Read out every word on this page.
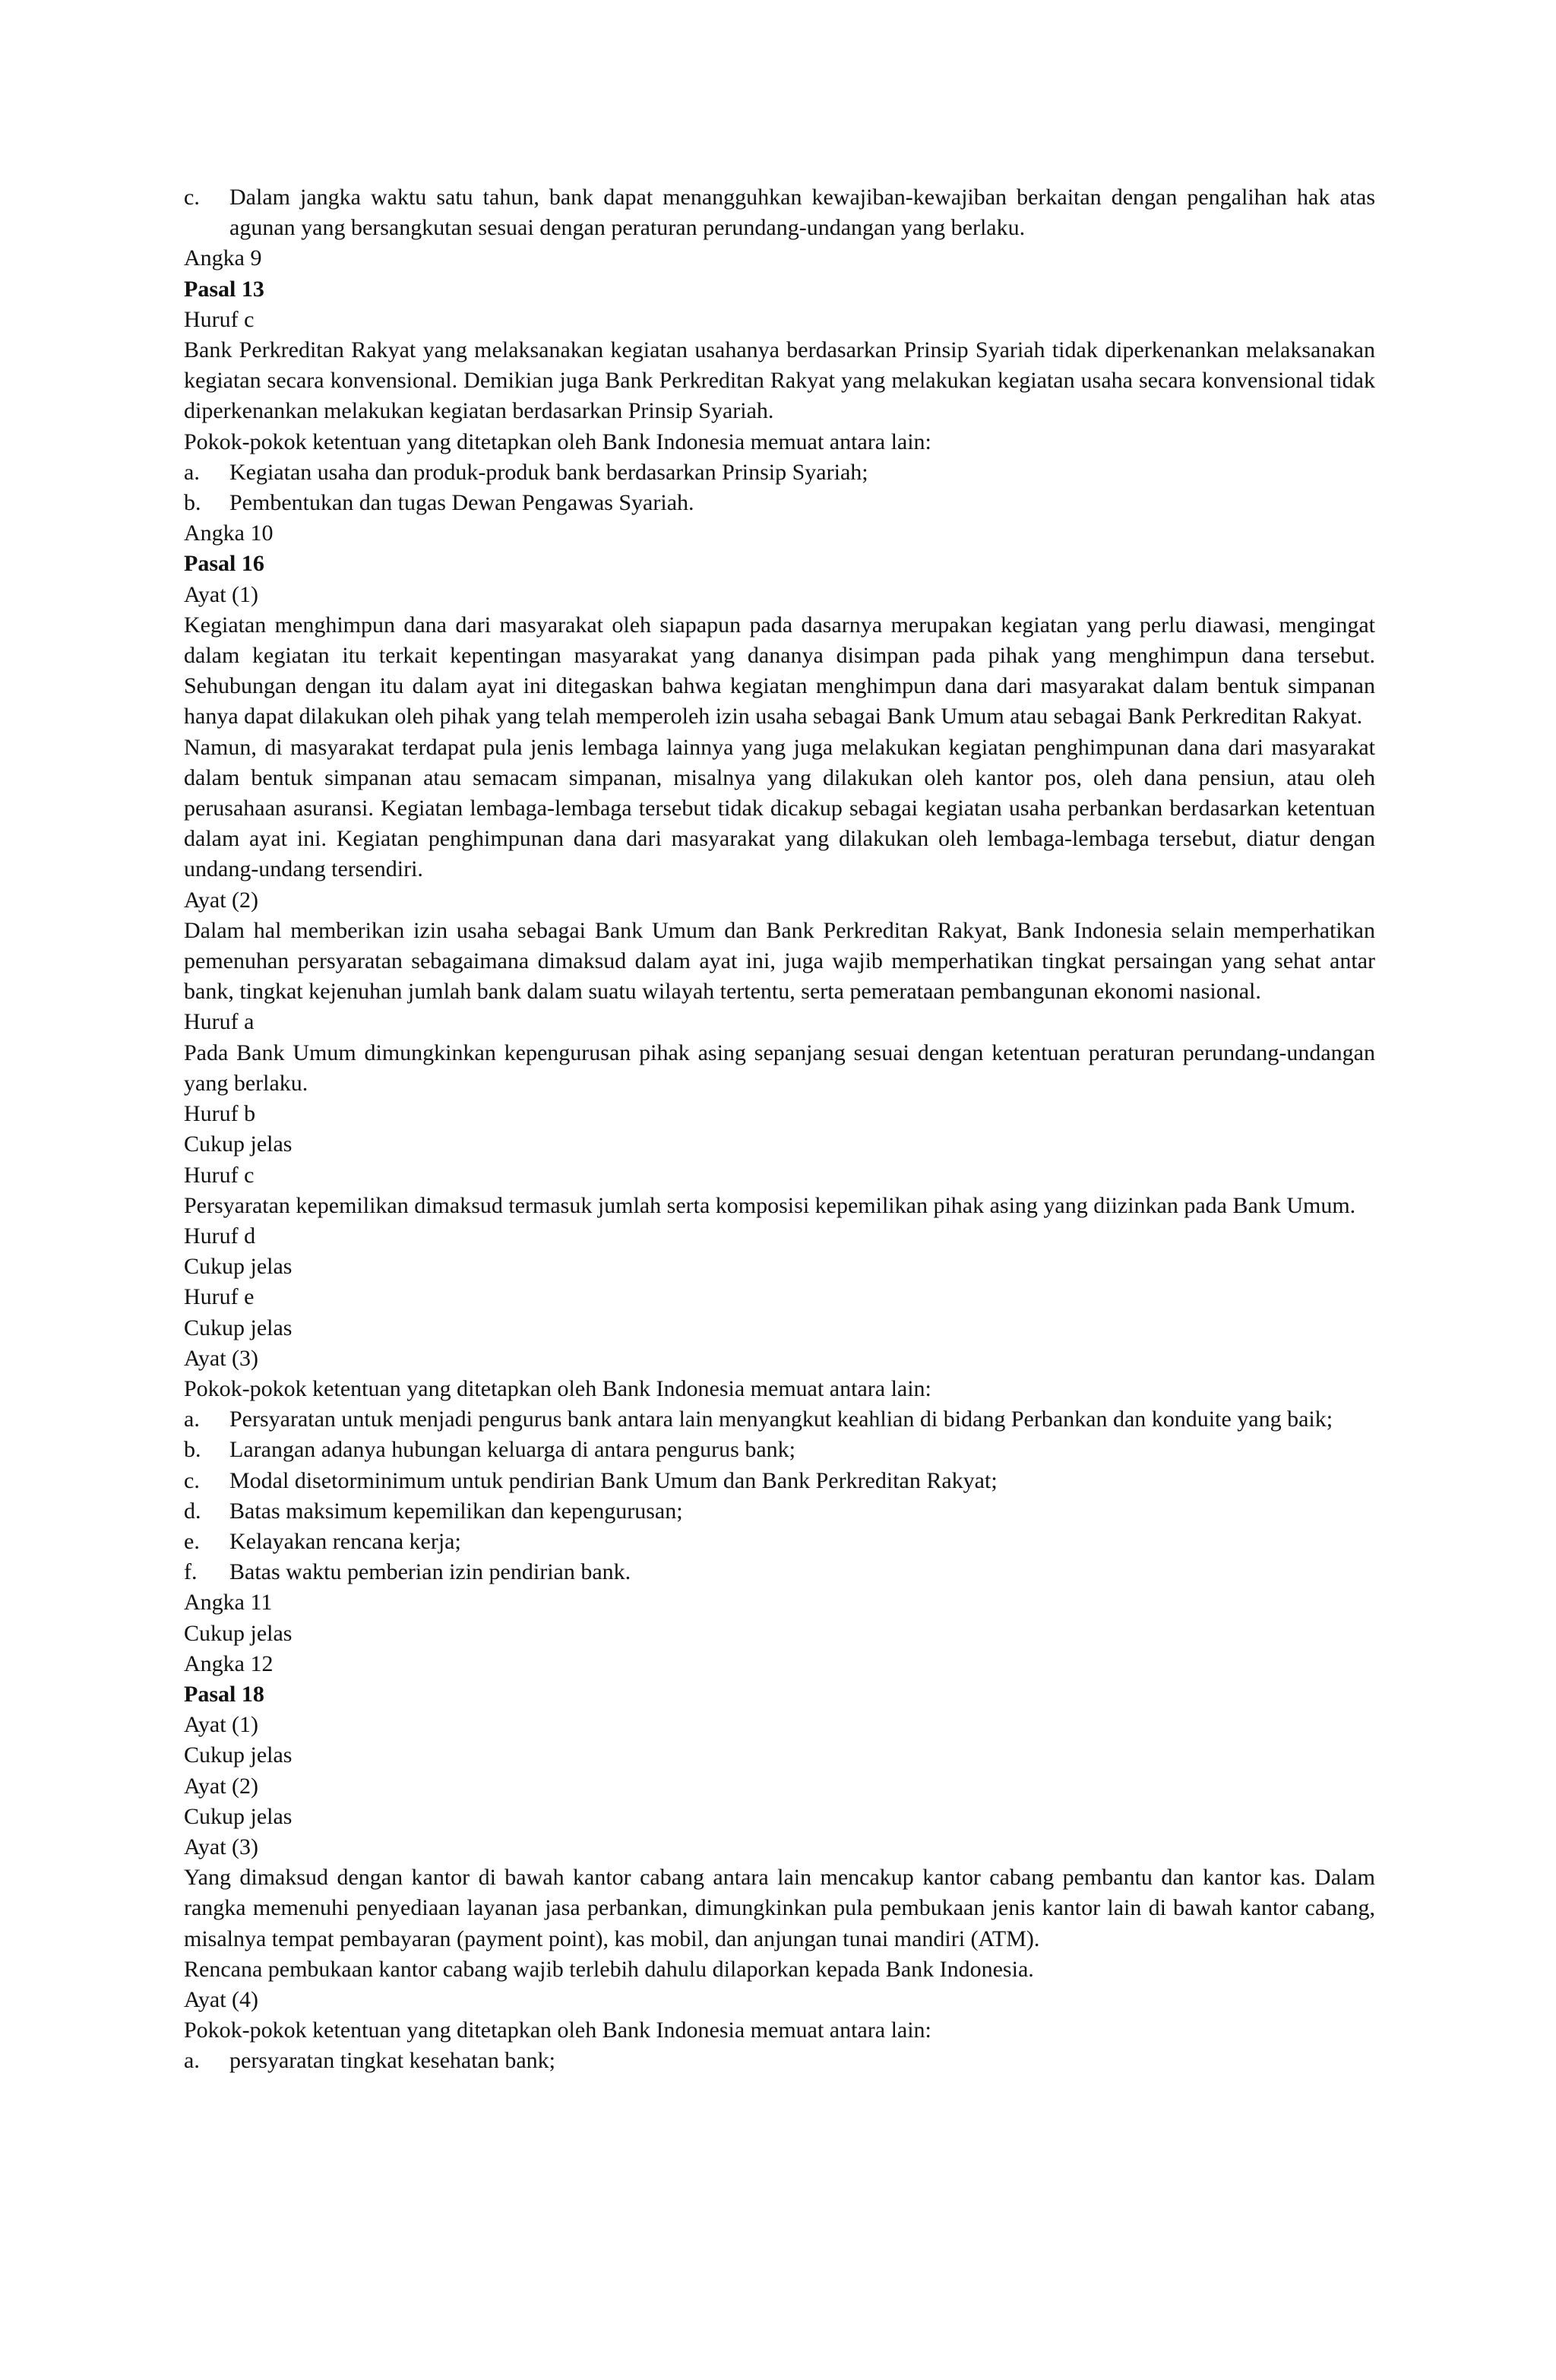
c.	Dalam jangka waktu satu tahun, bank dapat menangguhkan kewajiban-kewajiban berkaitan dengan pengalihan hak atas agunan yang bersangkutan sesuai dengan peraturan perundang-undangan yang berlaku.

Angka 9

Pasal 13

Huruf c

Bank Perkreditan Rakyat yang melaksanakan kegiatan usahanya berdasarkan Prinsip Syariah tidak diperkenankan melaksanakan kegiatan secara konvensional. Demikian juga Bank Perkreditan Rakyat yang melakukan kegiatan usaha secara konvensional tidak diperkenankan melakukan kegiatan berdasarkan Prinsip Syariah.

Pokok-pokok ketentuan yang ditetapkan oleh Bank Indonesia memuat antara lain:

a.	Kegiatan usaha dan produk-produk bank berdasarkan Prinsip Syariah;
b.	Pembentukan dan tugas Dewan Pengawas Syariah.

Angka 10

Pasal 16

Ayat (1)

Kegiatan menghimpun dana dari masyarakat oleh siapapun pada dasarnya merupakan kegiatan yang perlu diawasi, mengingat dalam kegiatan itu terkait kepentingan masyarakat yang dananya disimpan pada pihak yang menghimpun dana tersebut. Sehubungan dengan itu dalam ayat ini ditegaskan bahwa kegiatan menghimpun dana dari masyarakat dalam bentuk simpanan hanya dapat dilakukan oleh pihak yang telah memperoleh izin usaha sebagai Bank Umum atau sebagai Bank Perkreditan Rakyat.

Namun, di masyarakat terdapat pula jenis lembaga lainnya yang juga melakukan kegiatan penghimpunan dana dari masyarakat dalam bentuk simpanan atau semacam simpanan, misalnya yang dilakukan oleh kantor pos, oleh dana pensiun, atau oleh perusahaan asuransi. Kegiatan lembaga-lembaga tersebut tidak dicakup sebagai kegiatan usaha perbankan berdasarkan ketentuan dalam ayat ini. Kegiatan penghimpunan dana dari masyarakat yang dilakukan oleh lembaga-lembaga tersebut, diatur dengan undang-undang tersendiri.

Ayat (2)

Dalam hal memberikan izin usaha sebagai Bank Umum dan Bank Perkreditan Rakyat, Bank Indonesia selain memperhatikan pemenuhan persyaratan sebagaimana dimaksud dalam ayat ini, juga wajib memperhatikan tingkat persaingan yang sehat antar bank, tingkat kejenuhan jumlah bank dalam suatu wilayah tertentu, serta pemerataan pembangunan ekonomi nasional.

Huruf a

Pada Bank Umum dimungkinkan kepengurusan pihak asing sepanjang sesuai dengan ketentuan peraturan perundang-undangan yang berlaku.

Huruf b

Cukup jelas

Huruf c

Persyaratan kepemilikan dimaksud termasuk jumlah serta komposisi kepemilikan pihak asing yang diizinkan pada Bank Umum.

Huruf d

Cukup jelas

Huruf e

Cukup jelas

Ayat (3)

Pokok-pokok ketentuan yang ditetapkan oleh Bank Indonesia memuat antara lain:

a.	Persyaratan untuk menjadi pengurus bank antara lain menyangkut keahlian di bidang Perbankan dan konduite yang baik;
b.	Larangan adanya hubungan keluarga di antara pengurus bank;
c.	Modal disetorminimum untuk pendirian Bank Umum dan Bank Perkreditan Rakyat;
d.	Batas maksimum kepemilikan dan kepengurusan;
e.	Kelayakan rencana kerja;
f.	Batas waktu pemberian izin pendirian bank.

Angka 11

Cukup jelas

Angka 12

Pasal 18

Ayat (1)

Cukup jelas

Ayat (2)

Cukup jelas

Ayat (3)

Yang dimaksud dengan kantor di bawah kantor cabang antara lain mencakup kantor cabang pembantu dan kantor kas. Dalam rangka memenuhi penyediaan layanan jasa perbankan, dimungkinkan pula pembukaan jenis kantor lain di bawah kantor cabang, misalnya tempat pembayaran (payment point), kas mobil, dan anjungan tunai mandiri (ATM).

Rencana pembukaan kantor cabang wajib terlebih dahulu dilaporkan kepada Bank Indonesia.

Ayat (4)

Pokok-pokok ketentuan yang ditetapkan oleh Bank Indonesia memuat antara lain:

a.	persyaratan tingkat kesehatan bank;
